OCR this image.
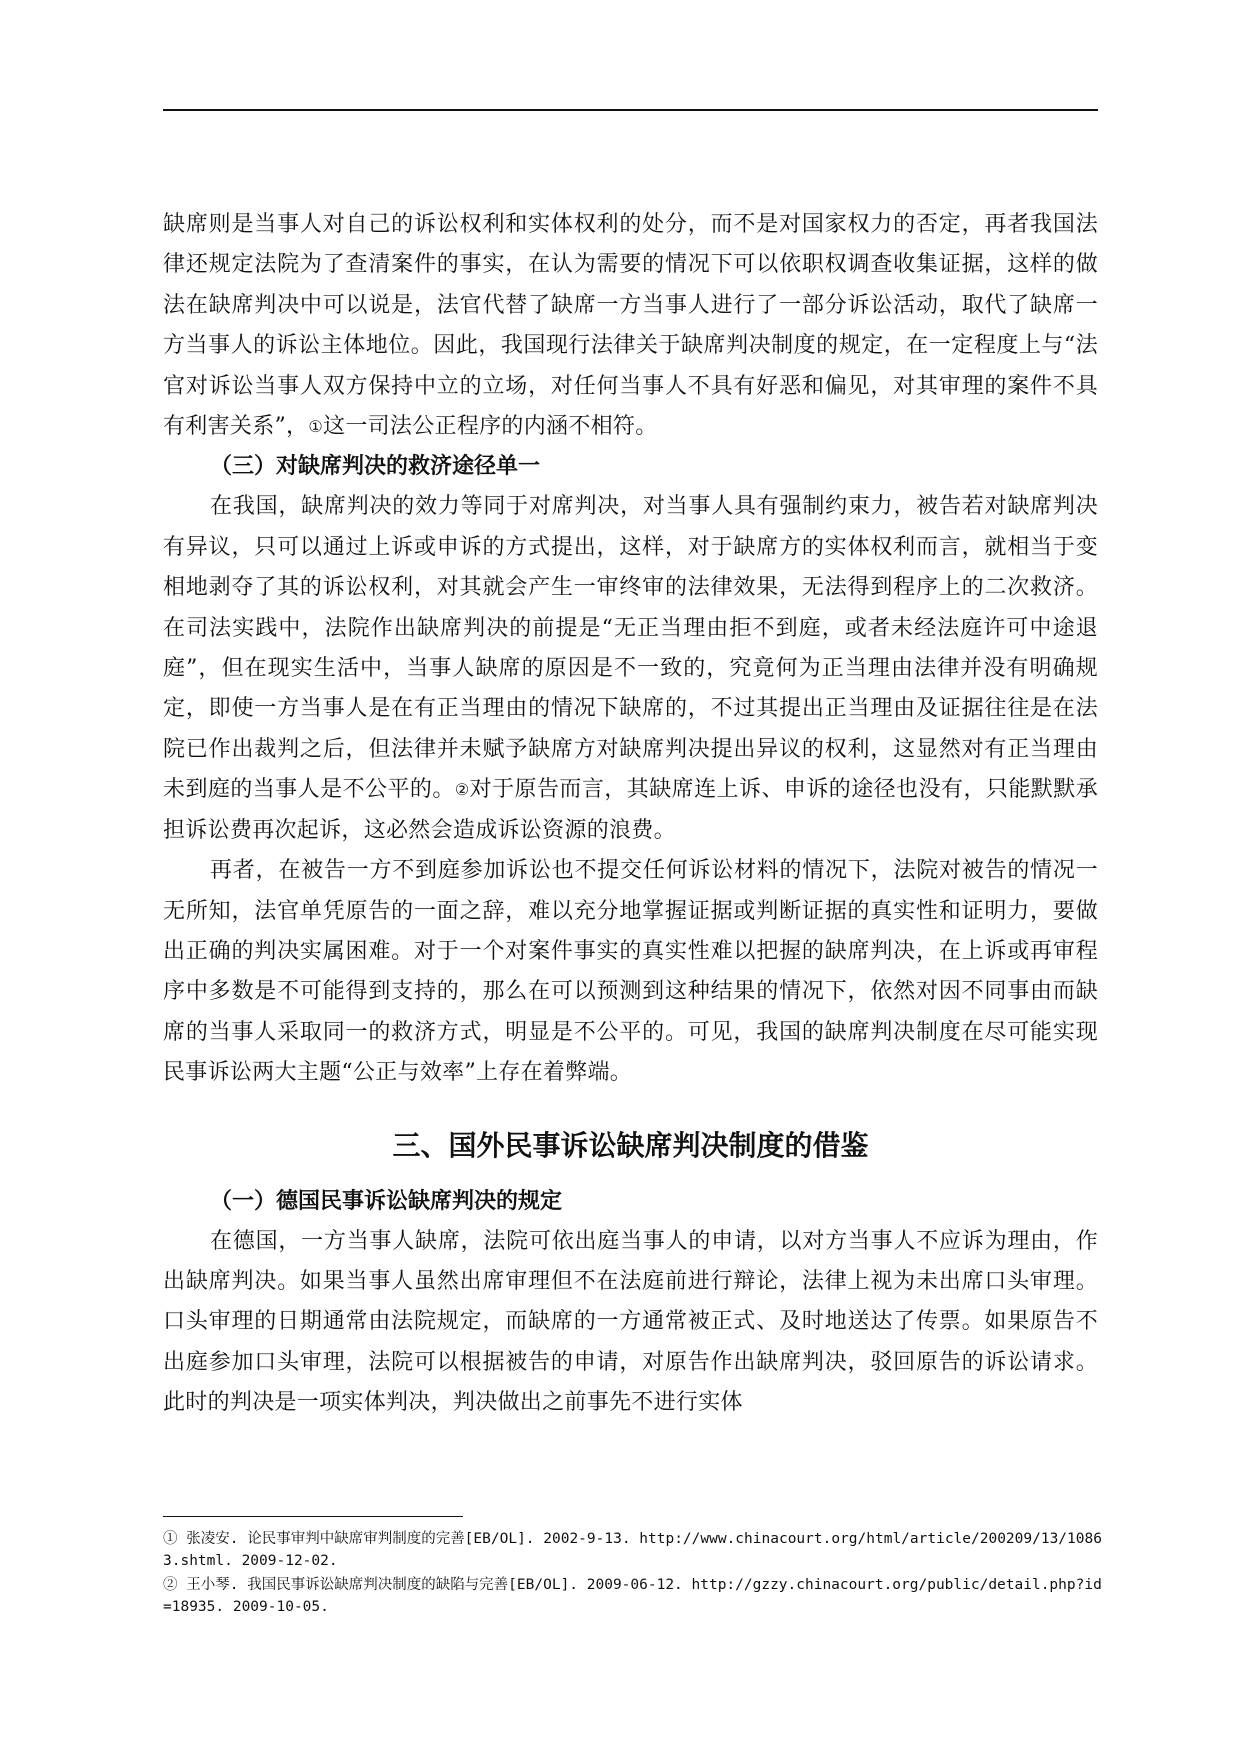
缺席则是当事人对自己的诉讼权利和实体权利的处分，而不是对国家权力的否定，再者我国法律还规定法院为了查清案件的事实，在认为需要的情况下可以依职权调查收集证据，这样的做法在缺席判决中可以说是，法官代替了缺席一方当事人进行了一部分诉讼活动，取代了缺席一方当事人的诉讼主体地位。因此，我国现行法律关于缺席判决制度的规定，在一定程度上与“法官对诉讼当事人双方保持中立的立场，对任何当事人不具有好恶和偏见，对其审理的案件不具有利害关系”，①这一司法公正程序的内涵不相符。

（三）对缺席判决的救济途径单一

在我国，缺席判决的效力等同于对席判决，对当事人具有强制约束力，被告若对缺席判决有异议，只可以通过上诉或申诉的方式提出，这样，对于缺席方的实体权利而言，就相当于变相地剥夺了其的诉讼权利，对其就会产生一审终审的法律效果，无法得到程序上的二次救济。在司法实践中，法院作出缺席判决的前提是“无正当理由拒不到庭，或者未经法庭许可中途退庭”，但在现实生活中，当事人缺席的原因是不一致的，究竟何为正当理由法律并没有明确规定，即使一方当事人是在有正当理由的情况下缺席的，不过其提出正当理由及证据往往是在法院已作出裁判之后，但法律并未赋予缺席方对缺席判决提出异议的权利，这显然对有正当理由未到庭的当事人是不公平的。②对于原告而言，其缺席连上诉、申诉的途径也没有，只能默默承担诉讼费再次起诉，这必然会造成诉讼资源的浪费。

再者，在被告一方不到庭参加诉讼也不提交任何诉讼材料的情况下，法院对被告的情况一无所知，法官单凭原告的一面之辞，难以充分地掌握证据或判断证据的真实性和证明力，要做出正确的判决实属困难。对于一个对案件事实的真实性难以把握的缺席判决，在上诉或再审程序中多数是不可能得到支持的，那么在可以预测到这种结果的情况下，依然对因不同事由而缺席的当事人采取同一的救济方式，明显是不公平的。可见，我国的缺席判决制度在尽可能实现民事诉讼两大主题“公正与效率”上存在着弊端。

三、国外民事诉讼缺席判决制度的借鉴

（一）德国民事诉讼缺席判决的规定

在德国，一方当事人缺席，法院可依出庭当事人的申请，以对方当事人不应诉为理由，作出缺席判决。如果当事人虽然出席审理但不在法庭前进行辩论，法律上视为未出席口头审理。口头审理的日期通常由法院规定，而缺席的一方通常被正式、及时地送达了传票。如果原告不出庭参加口头审理，法院可以根据被告的申请，对原告作出缺席判决，驳回原告的诉讼请求。此时的判决是一项实体判决，判决做出之前事先不进行实体

① 张凌安. 论民事审判中缺席审判制度的完善[EB/OL]. 2002-9-13. http://www.chinacourt.org/html/article/200209/13/10863.shtml. 2009-12-02.

② 王小琴. 我国民事诉讼缺席判决制度的缺陷与完善[EB/OL]. 2009-06-12. http://gzzy.chinacourt.org/public/detail.php?id=18935. 2009-10-05.
